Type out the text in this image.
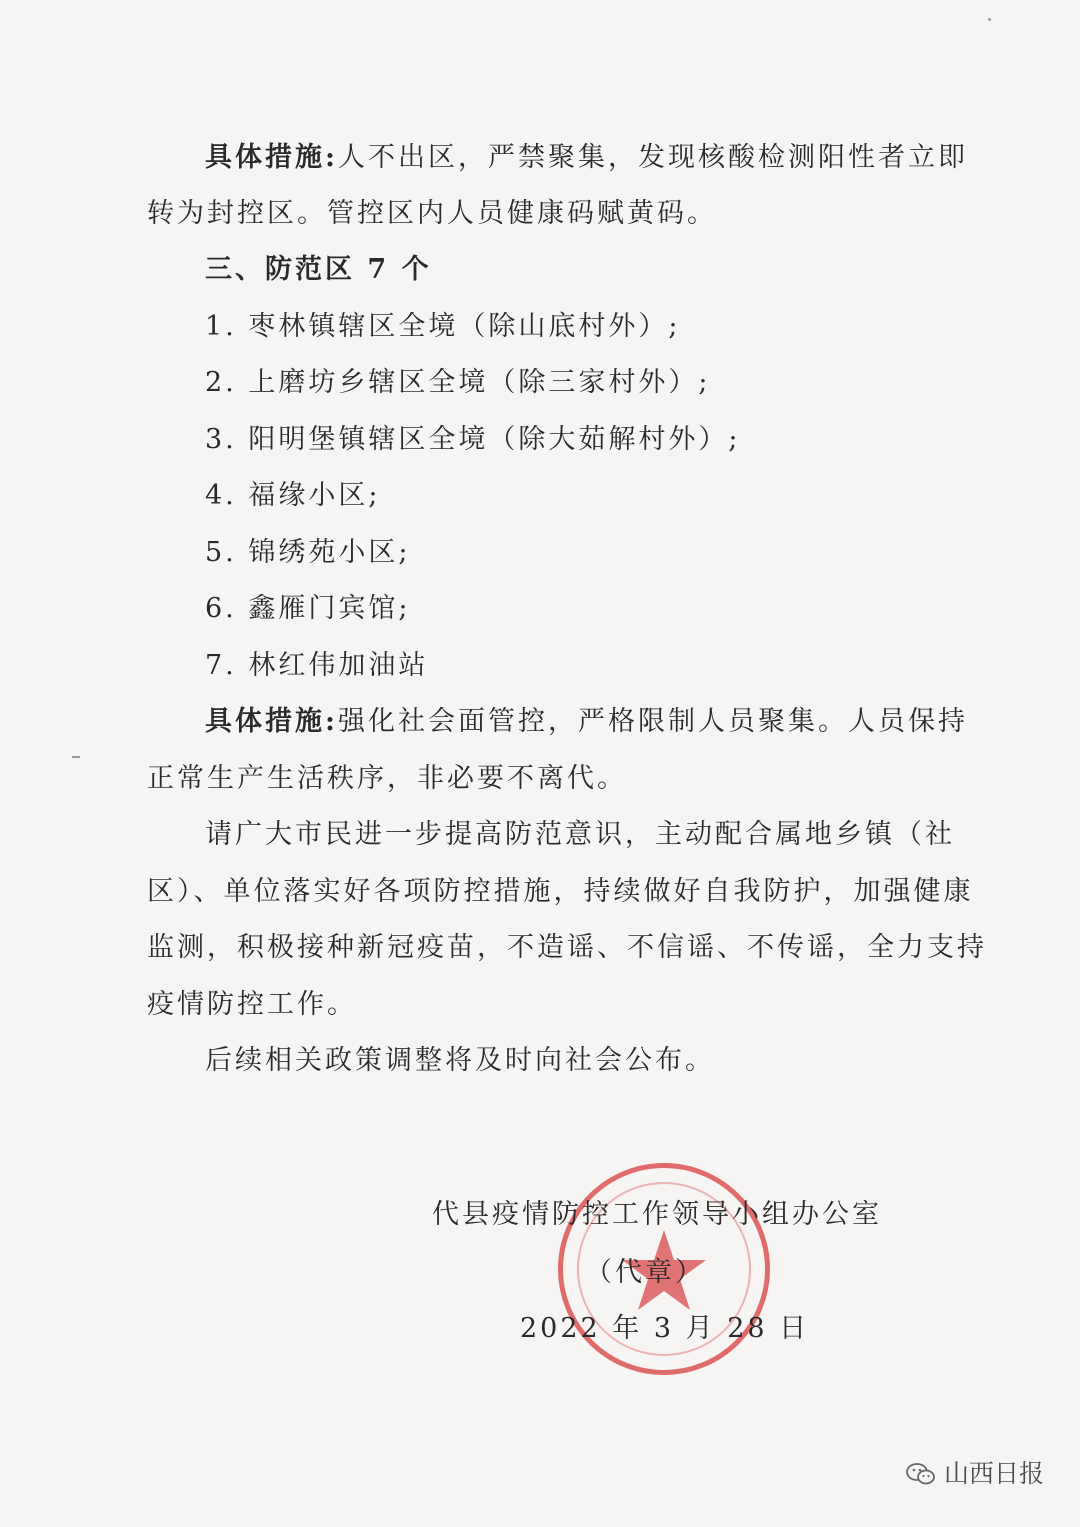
具体措施:人不出区，严禁聚集，发现核酸检测阳性者立即
转为封控区。管控区内人员健康码赋黄码。
三、防范区 7 个
1. 枣林镇辖区全境（除山底村外）;
2. 上磨坊乡辖区全境（除三家村外）;
3. 阳明堡镇辖区全境（除大茹解村外）;
4. 福缘小区;
5. 锦绣苑小区;
6. 鑫雁门宾馆;
7. 林红伟加油站
具体措施:强化社会面管控，严格限制人员聚集。人员保持
正常生产生活秩序，非必要不离代。
请广大市民进一步提高防范意识，主动配合属地乡镇（社
区）、单位落实好各项防控措施，持续做好自我防护，加强健康
监测，积极接种新冠疫苗，不造谣、不信谣、不传谣，全力支持
疫情防控工作。
后续相关政策调整将及时向社会公布。
代县疫情防控工作领导小组办公室
（代章）
2022 年 3 月 28 日
山西日报
